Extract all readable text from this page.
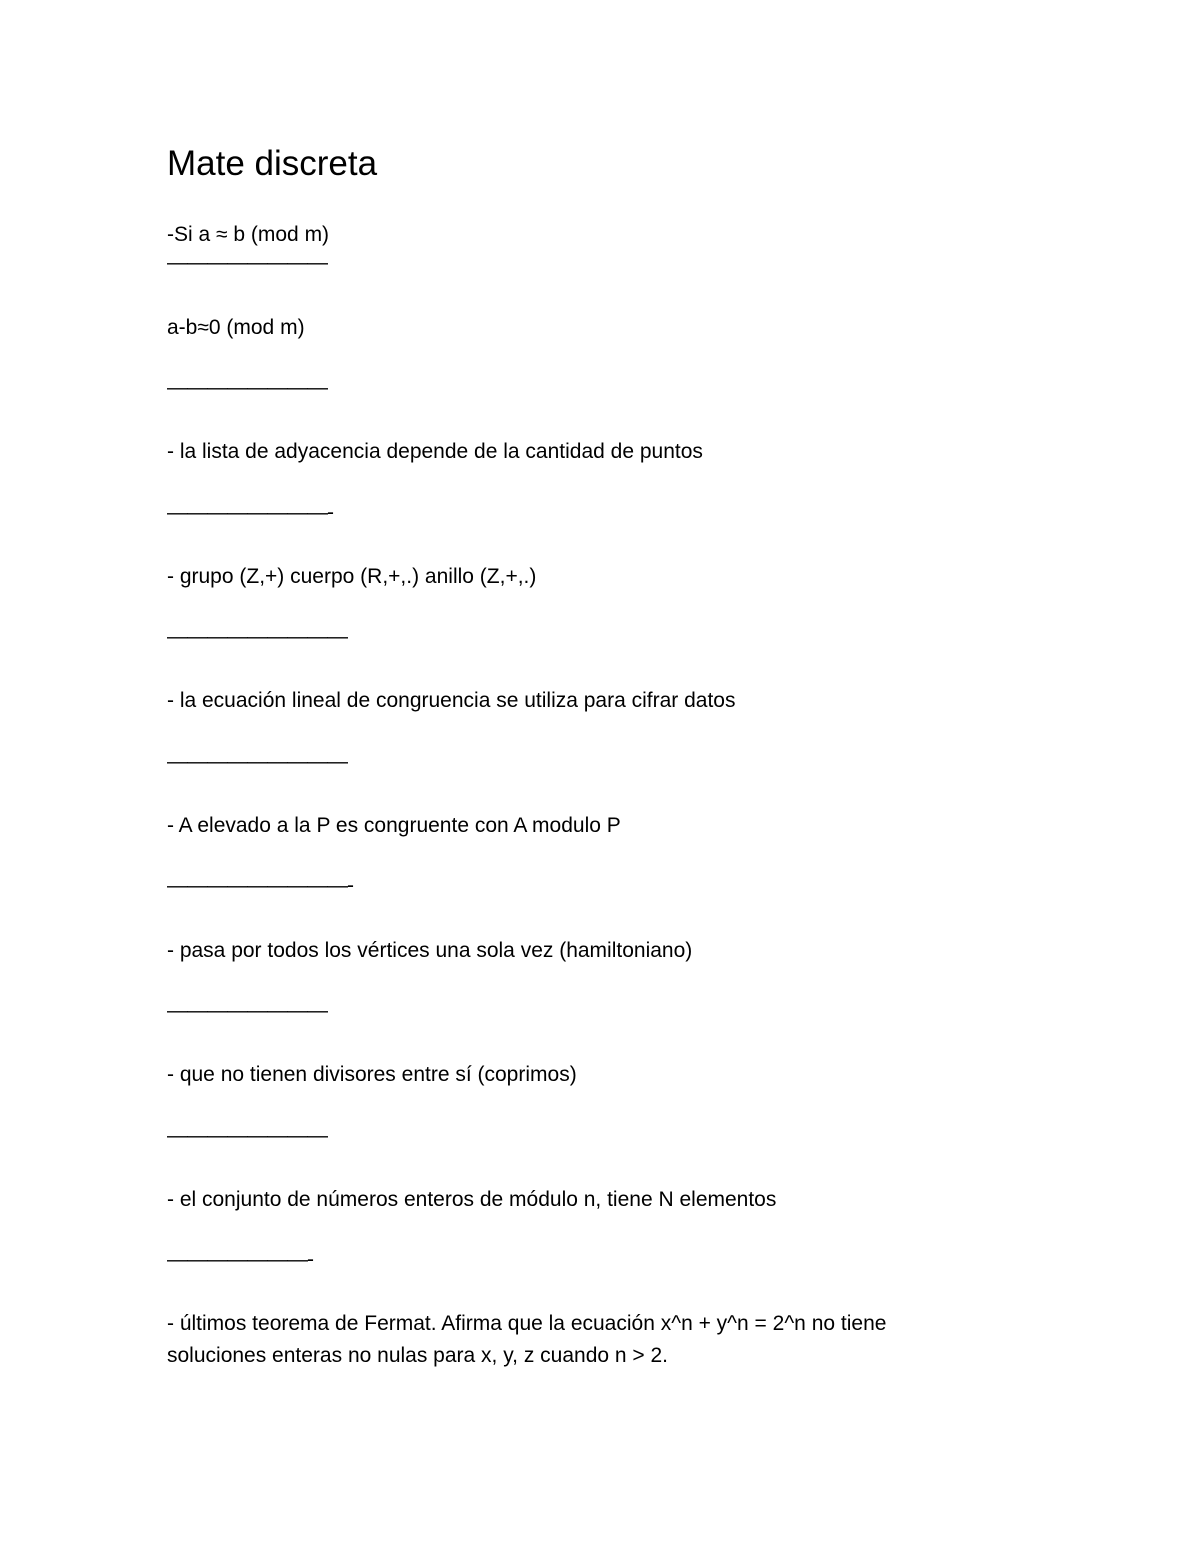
Mate discreta

-Si a ≈ b (mod m)

————————

a-b≈0 (mod m)

————————

- la lista de adyacencia depende de la cantidad de puntos

————————-

- grupo (Z,+) cuerpo (R,+,.) anillo (Z,+,.)

—————————

- la ecuación lineal de congruencia se utiliza para cifrar datos

—————————

- A elevado a la P es congruente con A modulo P

—————————-

- pasa por todos los vértices una sola vez (hamiltoniano)

————————

- que no tienen divisores entre sí (coprimos)

————————

- el conjunto de números enteros de módulo n, tiene N elementos

———————-

- últimos teorema de Fermat. Afirma que la ecuación x^n + y^n = 2^n no tiene

soluciones enteras no nulas para x, y, z cuando n > 2.
